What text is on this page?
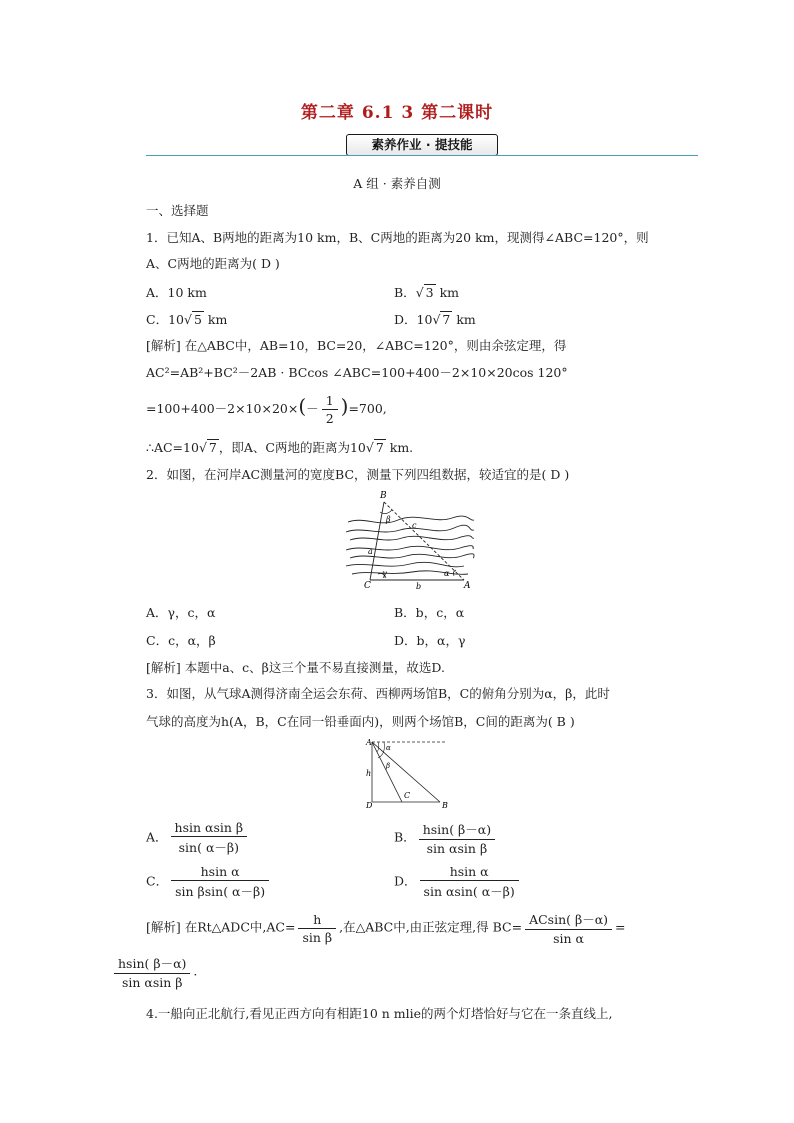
第二章 6.1 3 第二课时
素养作业 · 提技能
A 组 · 素养自测
一、选择题
1．已知A、B两地的距离为10 km，B、C两地的距离为20 km，现测得∠ABC=120°，则
A、C两地的距离为( D )
A．10 km	B．√ 3 km
C．10√ 5 km	D．10√ 7 km
[解析] 在△ABC中，AB=10，BC=20，∠ABC=120°，则由余弦定理，得
AC²=AB²+BC²－2AB · BCcos ∠ABC=100+400－2×10×20cos 120°
$=100+400-2\times 10\times 20\times(- \frac{1}{2} )=700$,
∴AC=10√ 7 ，即A、C两地的距离为10√ 7 km.
2．如图，在河岸AC测量河的宽度BC，测量下列四组数据，较适宜的是( D )
B
β
c
a
γ	α
C	b	A
A．γ，c，α	B．b，c，α
C．c，α，β	D．b，α，γ
[解析] 本题中a、c、β这三个量不易直接测量，故选D.
3．如图，从气球A测得济南全运会东荷、西柳两场馆B，C的俯角分别为α，β，此时
气球的高度为h(A，B，C在同一铅垂面内)，则两个场馆B，C间的距离为( B )
A
α
β
h
C
D	B
A． $\frac{\text{hsin αsin β}}{\sin( \alpha-\beta)}$	B． $\frac{hsin( \beta-\alpha)}{\text{sin αsin β}}$
C． $\frac{\text{hsin α}}{\text{sin βsin( α－β)}}$	D． $\frac{\text{hsin α}}{\text{sin αsin( α－β)}}$
[解析] 在Rt△ADC中$,AC= \frac{h}{\text{sin β}}$ ,在△ABC中,由正弦定理,得 $BC= \frac{ACsin( \beta-\alpha)}{\text{sin α}}$ =
$\frac{hsin( \beta-\alpha)}{\text{sin αsin β}}$ .
4.一船向正北航行,看见正西方向有相距10 n mlie的两个灯塔恰好与它在一条直线上,
